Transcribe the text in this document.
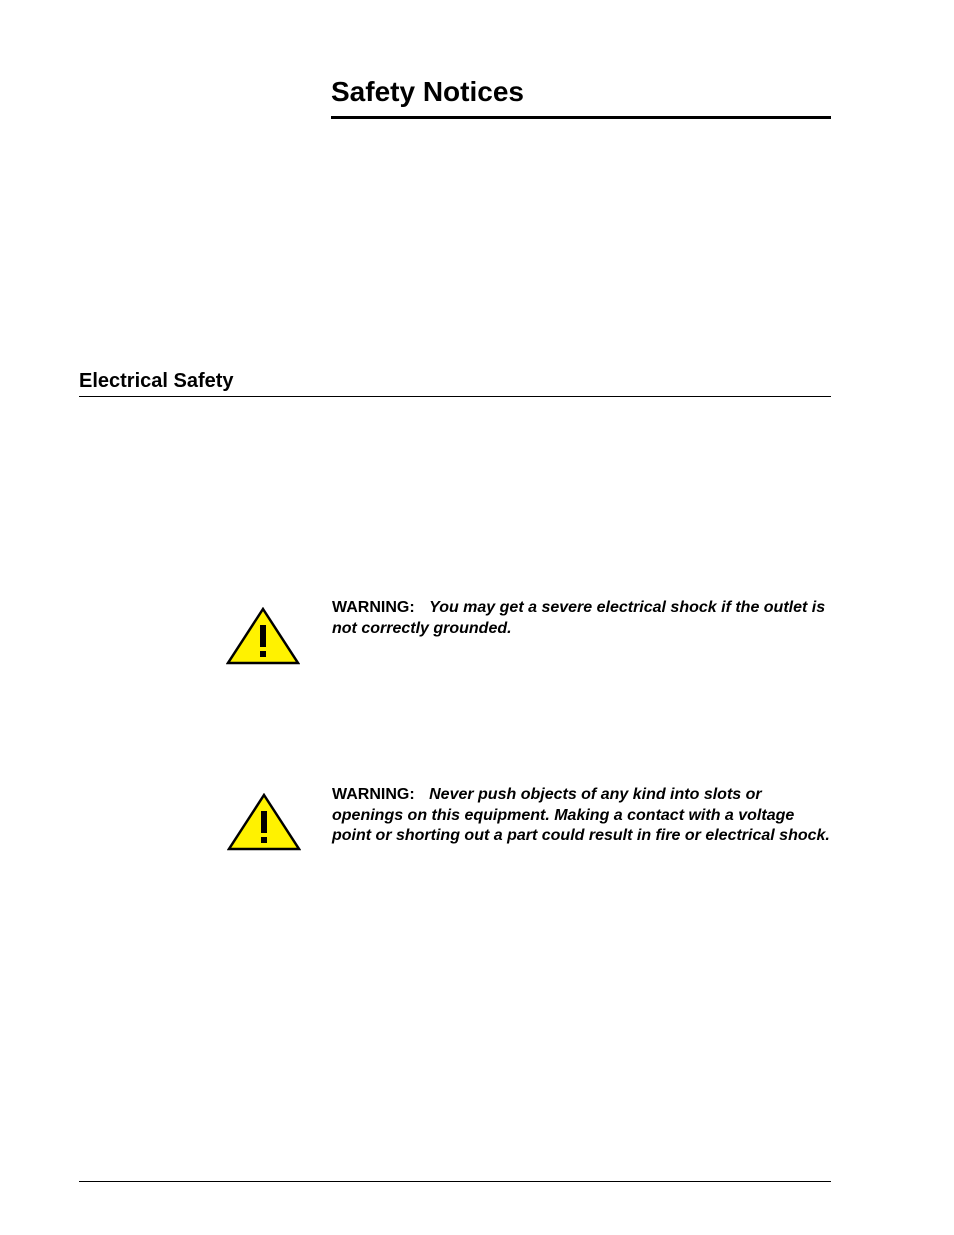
Safety Notices
Electrical Safety
WARNING: You may get a severe electrical shock if the outlet is not correctly grounded.
WARNING: Never push objects of any kind into slots or openings on this equipment. Making a contact with a voltage point or shorting out a part could result in fire or electrical shock.
